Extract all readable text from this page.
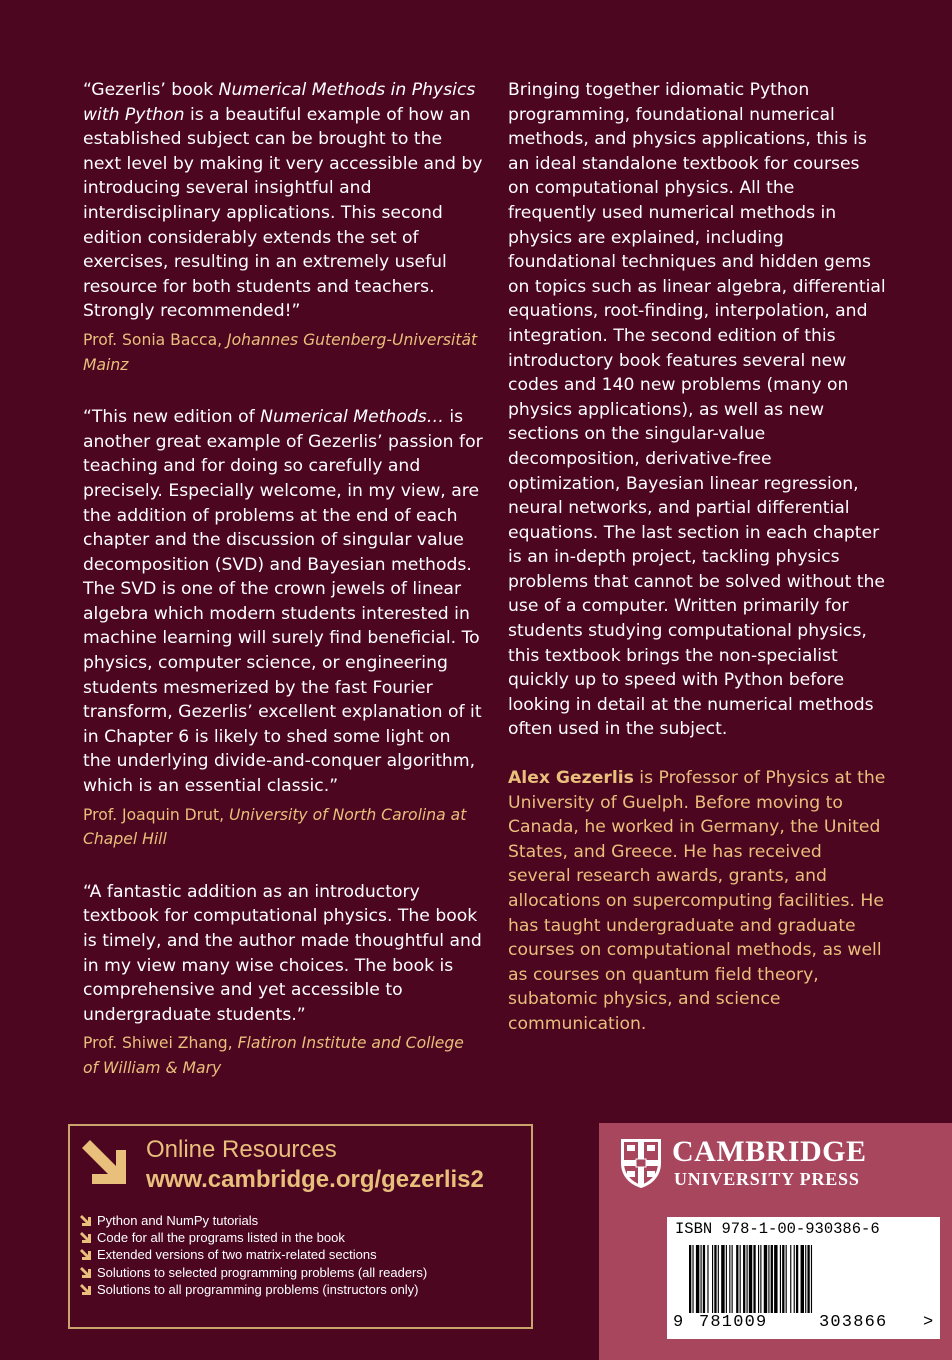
“Gezerlis’ book Numerical Methods in Physics with Python is a beautiful example of how an established subject can be brought to the next level by making it very accessible and by introducing several insightful and interdisciplinary applications. This second edition considerably extends the set of exercises, resulting in an extremely useful resource for both students and teachers. Strongly recommended!”

Prof. Sonia Bacca, Johannes Gutenberg-Universität Mainz

“This new edition of Numerical Methods… is another great example of Gezerlis’ passion for teaching and for doing so carefully and precisely. Especially welcome, in my view, are the addition of problems at the end of each chapter and the discussion of singular value decomposition (SVD) and Bayesian methods. The SVD is one of the crown jewels of linear algebra which modern students interested in machine learning will surely find beneficial. To physics, computer science, or engineering students mesmerized by the fast Fourier transform, Gezerlis’ excellent explanation of it in Chapter 6 is likely to shed some light on the underlying divide-and-conquer algorithm, which is an essential classic.”

Prof. Joaquin Drut, University of North Carolina at Chapel Hill

“A fantastic addition as an introductory textbook for computational physics. The book is timely, and the author made thoughtful and in my view many wise choices. The book is comprehensive and yet accessible to undergraduate students.”

Prof. Shiwei Zhang, Flatiron Institute and College of William & Mary

Bringing together idiomatic Python programming, foundational numerical methods, and physics applications, this is an ideal standalone textbook for courses on computational physics. All the frequently used numerical methods in physics are explained, including foundational techniques and hidden gems on topics such as linear algebra, differential equations, root-finding, interpolation, and integration. The second edition of this introductory book features several new codes and 140 new problems (many on physics applications), as well as new sections on the singular-value decomposition, derivative-free optimization, Bayesian linear regression, neural networks, and partial differential equations. The last section in each chapter is an in-depth project, tackling physics problems that cannot be solved without the use of a computer. Written primarily for students studying computational physics, this textbook brings the non-specialist quickly up to speed with Python before looking in detail at the numerical methods often used in the subject.

Alex Gezerlis is Professor of Physics at the University of Guelph. Before moving to Canada, he worked in Germany, the United States, and Greece. He has received several research awards, grants, and allocations on supercomputing facilities. He has taught undergraduate and graduate courses on computational methods, as well as courses on quantum field theory, subatomic physics, and science communication.

Online Resources
www.cambridge.org/gezerlis2
Python and NumPy tutorials
Code for all the programs listed in the book
Extended versions of two matrix-related sections
Solutions to selected programming problems (all readers)
Solutions to all programming problems (instructors only)
CAMBRIDGE
UNIVERSITY PRESS
ISBN 978-1-00-930386-6
9 781009	303866 >
